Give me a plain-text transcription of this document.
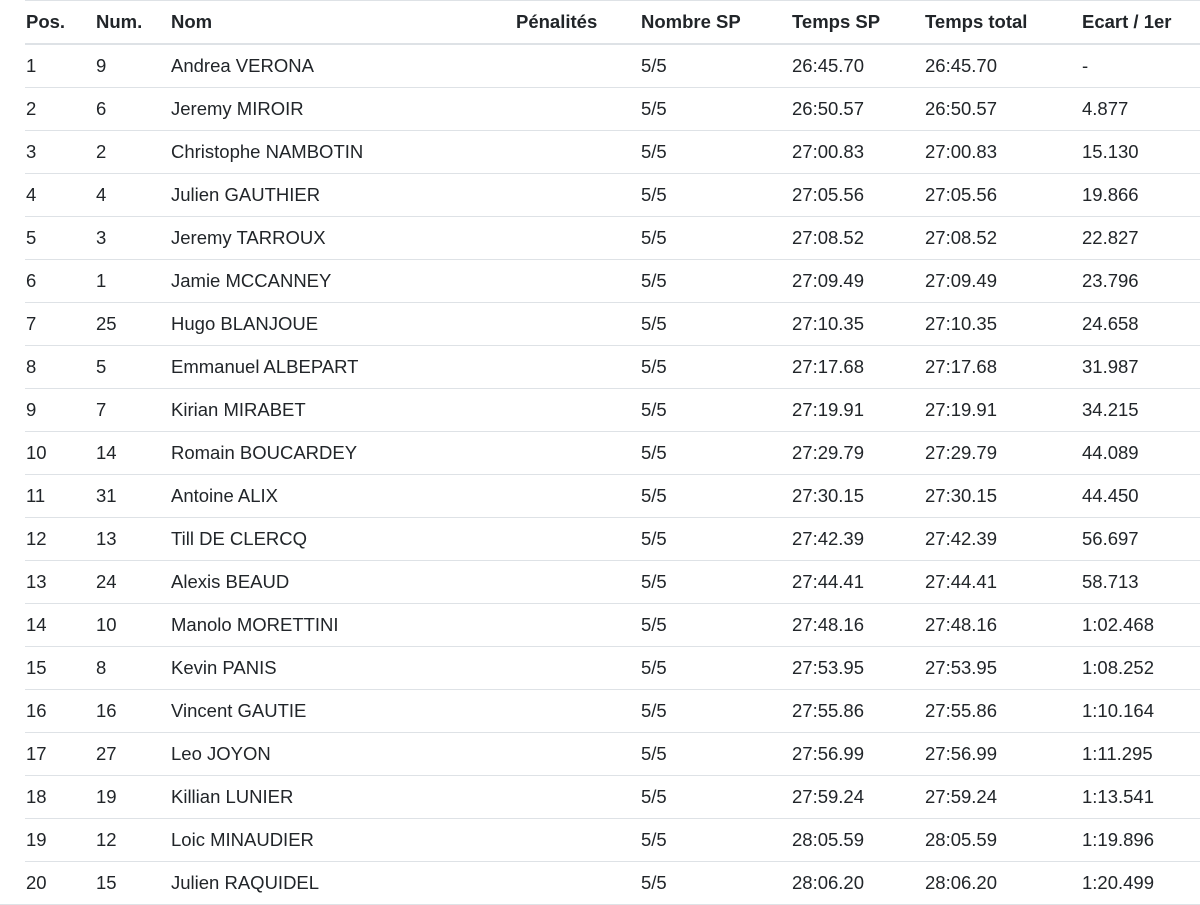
Pos.	Num.	Nom	Pénalités	Nombre SP	Temps SP	Temps total	Ecart / 1er
1	9	Andrea VERONA		5/5	26:45.70	26:45.70	-
2	6	Jeremy MIROIR		5/5	26:50.57	26:50.57	4.877
3	2	Christophe NAMBOTIN		5/5	27:00.83	27:00.83	15.130
4	4	Julien GAUTHIER		5/5	27:05.56	27:05.56	19.866
5	3	Jeremy TARROUX		5/5	27:08.52	27:08.52	22.827
6	1	Jamie MCCANNEY		5/5	27:09.49	27:09.49	23.796
7	25	Hugo BLANJOUE		5/5	27:10.35	27:10.35	24.658
8	5	Emmanuel ALBEPART		5/5	27:17.68	27:17.68	31.987
9	7	Kirian MIRABET		5/5	27:19.91	27:19.91	34.215
10	14	Romain BOUCARDEY		5/5	27:29.79	27:29.79	44.089
11	31	Antoine ALIX		5/5	27:30.15	27:30.15	44.450
12	13	Till DE CLERCQ		5/5	27:42.39	27:42.39	56.697
13	24	Alexis BEAUD		5/5	27:44.41	27:44.41	58.713
14	10	Manolo MORETTINI		5/5	27:48.16	27:48.16	1:02.468
15	8	Kevin PANIS		5/5	27:53.95	27:53.95	1:08.252
16	16	Vincent GAUTIE		5/5	27:55.86	27:55.86	1:10.164
17	27	Leo JOYON		5/5	27:56.99	27:56.99	1:11.295
18	19	Killian LUNIER		5/5	27:59.24	27:59.24	1:13.541
19	12	Loic MINAUDIER		5/5	28:05.59	28:05.59	1:19.896
20	15	Julien RAQUIDEL		5/5	28:06.20	28:06.20	1:20.499
